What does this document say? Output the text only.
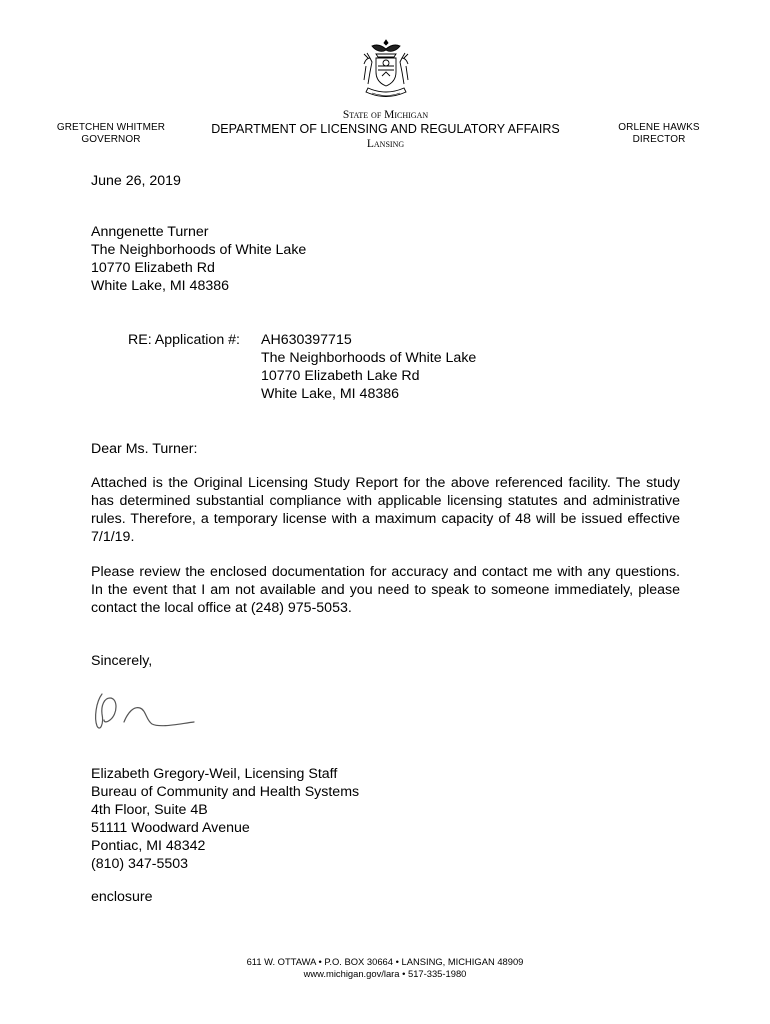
GRETCHEN WHITMER
GOVERNOR
State of Michigan
DEPARTMENT OF LICENSING AND REGULATORY AFFAIRS
Lansing
ORLENE HAWKS
DIRECTOR
June 26, 2019
Anngenette Turner
The Neighborhoods of White Lake
10770 Elizabeth Rd
White Lake, MI 48386
RE: Application #: AH630397715
The Neighborhoods of White Lake
10770 Elizabeth Lake Rd
White Lake, MI 48386
Dear Ms. Turner:
Attached is the Original Licensing Study Report for the above referenced facility. The study has determined substantial compliance with applicable licensing statutes and administrative rules. Therefore, a temporary license with a maximum capacity of 48 will be issued effective 7/1/19.
Please review the enclosed documentation for accuracy and contact me with any questions. In the event that I am not available and you need to speak to someone immediately, please contact the local office at (248) 975-5053.
Sincerely,
Elizabeth Gregory-Weil, Licensing Staff
Bureau of Community and Health Systems
4th Floor, Suite 4B
51111 Woodward Avenue
Pontiac, MI 48342
(810) 347-5503
enclosure
611 W. OTTAWA • P.O. BOX 30664 • LANSING, MICHIGAN 48909
www.michigan.gov/lara • 517-335-1980
